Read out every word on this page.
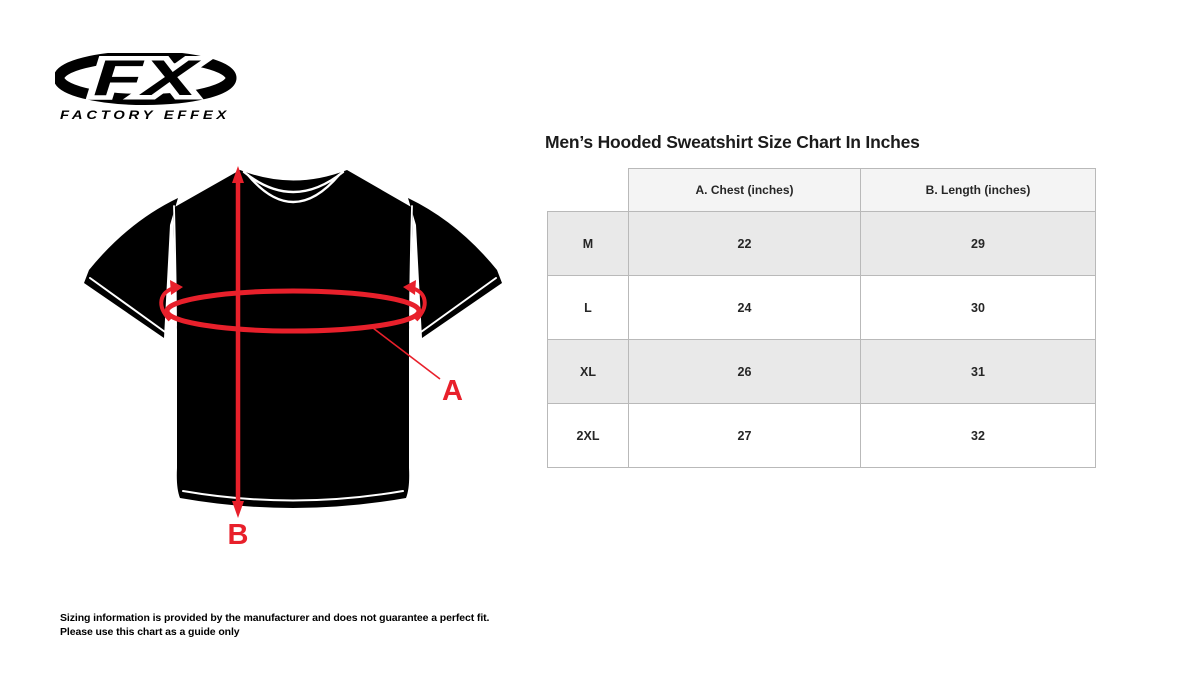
FX
FACTORY EFFEX
A
B
Men’s Hooded Sweatshirt Size Chart In Inches
	A. Chest (inches)	B. Length (inches)
M	22	29
L	24	30
XL	26	31
2XL	27	32
Sizing information is provided by the manufacturer and does not guarantee a perfect fit.
Please use this chart as a guide only
